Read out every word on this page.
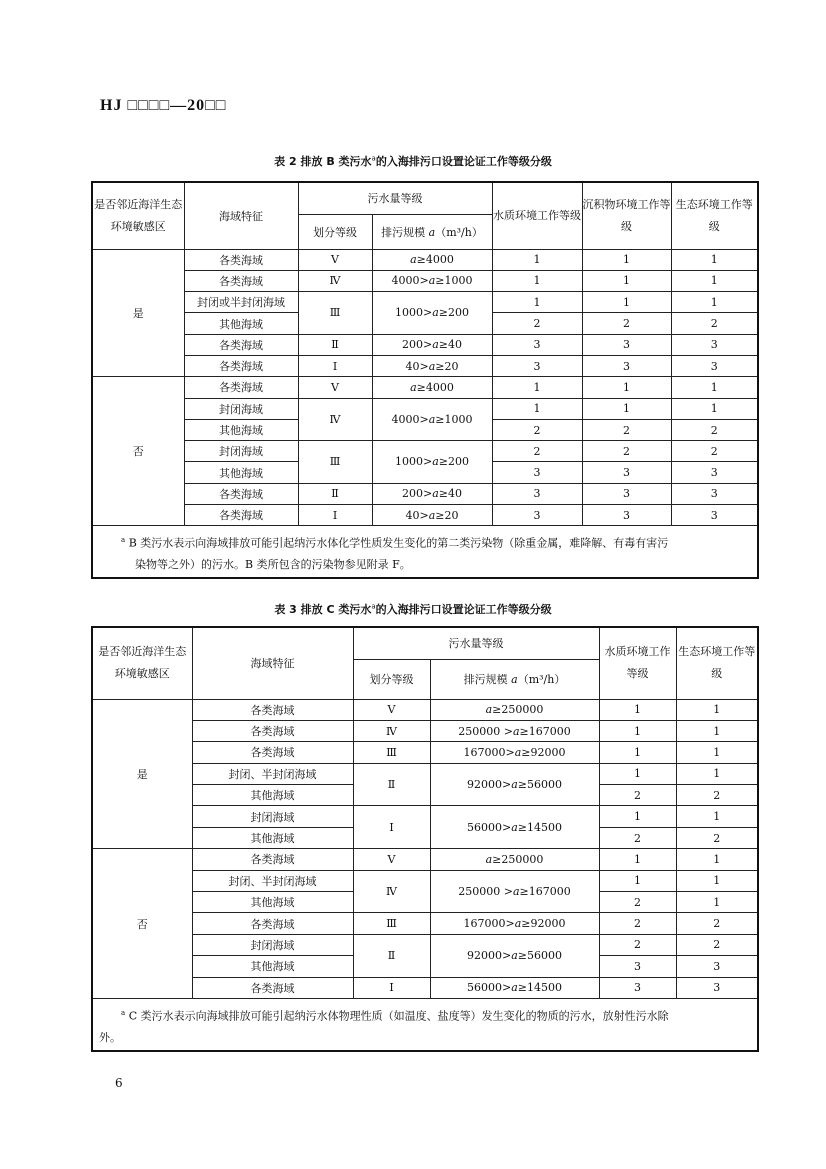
HJ □□□□—20□□
表 2 排放 B 类污水$^a$的入海排污口设置论证工作等级分级
是否邻近海洋生态环境敏感区	海域特征	污水量等级		水质环境工作等级	沉积物环境工作等级	生态环境工作等级
		划分等级	排污规模 a（m³/h）			
是	各类海域	Ⅴ	a≥4000	1	1	1
	各类海域	Ⅳ	4000>a≥1000	1	1	1
	封闭或半封闭海域	Ⅲ	1000>a≥200	1	1	1
	其他海域			2	2	2
	各类海域	Ⅱ	200>a≥40	3	3	3
	各类海域	Ⅰ	40>a≥20	3	3	3
否	各类海域	Ⅴ	a≥4000	1	1	1
	封闭海域	Ⅳ	4000>a≥1000	1	1	1
	其他海域			2	2	2
	封闭海域	Ⅲ	1000>a≥200	2	2	2
	其他海域			3	3	3
	各类海域	Ⅱ	200>a≥40	3	3	3
	各类海域	Ⅰ	40>a≥20	3	3	3
$^a$ B 类污水表示向海域排放可能引起纳污水体化学性质发生变化的第二类污染物（除重金属，难降解、有毒有害污
染物等之外）的污水。B 类所包含的污染物参见附录 F。						
表 3 排放 C 类污水$^a$的入海排污口设置论证工作等级分级
是否邻近海洋生态环境敏感区	海域特征	污水量等级		水质环境工作等级	生态环境工作等级
		划分等级	排污规模 a（m³/h）		
是	各类海域	Ⅴ	a≥250000	1	1
	各类海域	Ⅳ	250000 >a≥167000	1	1
	各类海域	Ⅲ	167000>a≥92000	1	1
	封闭、半封闭海域	Ⅱ	92000>a≥56000	1	1
	其他海域			2	2
	封闭海域	Ⅰ	56000>a≥14500	1	1
	其他海域			2	2
否	各类海域	Ⅴ	a≥250000	1	1
	封闭、半封闭海域	Ⅳ	250000 >a≥167000	1	1
	其他海域			2	1
	各类海域	Ⅲ	167000>a≥92000	2	2
	封闭海域	Ⅱ	92000>a≥56000	2	2
	其他海域			3	3
	各类海域	Ⅰ	56000>a≥14500	3	3
$^a$ C 类污水表示向海域排放可能引起纳污水体物理性质（如温度、盐度等）发生变化的物质的污水，放射性污水除
外。					
6
